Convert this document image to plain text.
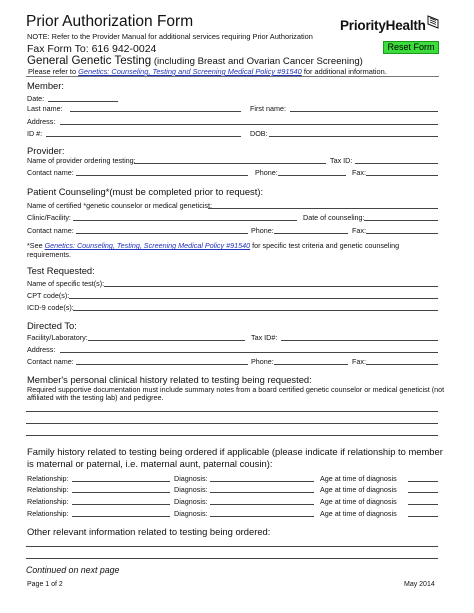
Prior Authorization Form
NOTE: Refer to the Provider Manual for additional services requiring Prior Authorization
Fax Form To: 616 942-0024
General Genetic Testing (including Breast and Ovarian Cancer Screening)
Please refer to Genetics: Counseling, Testing and Screening Medical Policy #91540 for additional information.
PriorityHealth
Reset Form
Member:
Date:
Last name:	First name:
Address:
ID #:	DOB:
Provider:
Name of provider ordering testing:	Tax ID:
Contact name:	Phone:	Fax:
Patient Counseling*(must be completed prior to request):
Name of certified *genetic counselor or medical geneticist:
Clinic/Facility:	Date of counseling:
Contact name:	Phone:	Fax:
*See Genetics: Counseling, Testing, Screening Medical Policy #91540 for specific test criteria and genetic counseling
requirements.
Test Requested:
Name of specific test(s):
CPT code(s):
ICD-9 code(s):
Directed To:
Facility/Laboratory:	Tax ID#:
Address:
Contact name:	Phone:	Fax:
Member's personal clinical history related to testing being requested:
Required supportive documentation must include summary notes from a board certified genetic counselor or medical geneticist (not
affiliated with the testing lab) and pedigree.
Family history related to testing being ordered if applicable (please indicate if relationship to member
is maternal or paternal, i.e. maternal aunt, paternal cousin):
Relationship:	Diagnosis:	Age at time of diagnosis
Relationship:	Diagnosis:	Age at time of diagnosis
Relationship:	Diagnosis:	Age at time of diagnosis
Relationship:	Diagnosis:	Age at time of diagnosis
Other relevant information related to testing being ordered:
Continued on next page
Page 1 of 2	May 2014
